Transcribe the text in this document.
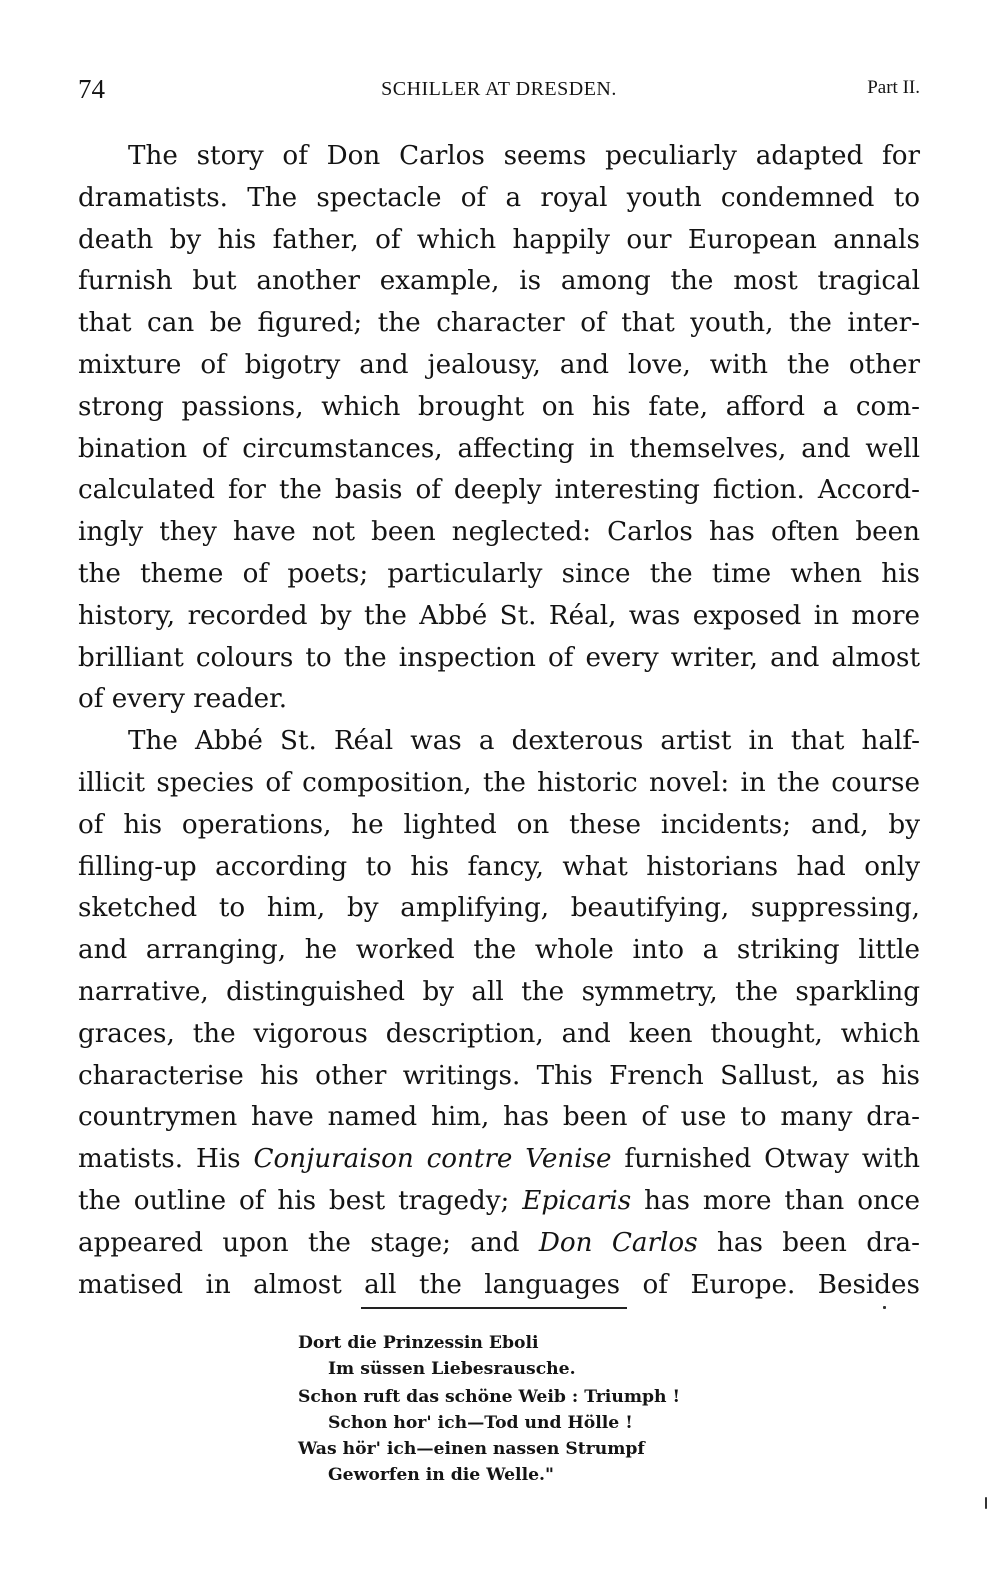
74	SCHILLER AT DRESDEN.	Part II.

The story of Don Carlos seems peculiarly adapted for
dramatists. The spectacle of a royal youth condemned to
death by his father, of which happily our European annals
furnish but another example, is among the most tragical
that can be figured; the character of that youth, the inter-
mixture of bigotry and jealousy, and love, with the other
strong passions, which brought on his fate, afford a com-
bination of circumstances, affecting in themselves, and well
calculated for the basis of deeply interesting fiction. Accord-
ingly they have not been neglected: Carlos has often been
the theme of poets; particularly since the time when his
history, recorded by the Abbé St. Réal, was exposed in more
brilliant colours to the inspection of every writer, and almost
of every reader.

The Abbé St. Réal was a dexterous artist in that half-
illicit species of composition, the historic novel: in the course
of his operations, he lighted on these incidents; and, by
filling-up according to his fancy, what historians had only
sketched to him, by amplifying, beautifying, suppressing,
and arranging, he worked the whole into a striking little
narrative, distinguished by all the symmetry, the sparkling
graces, the vigorous description, and keen thought, which
characterise his other writings. This French Sallust, as his
countrymen have named him, has been of use to many dra-
matists. His Conjuraison contre Venise furnished Otway with
the outline of his best tragedy; Epicaris has more than once
appeared upon the stage; and Don Carlos has been dra-
matised in almost all the languages of Europe. Besides

Dort die Prinzessin Eboli
Im süssen Liebesrausche.
Schon ruft das schöne Weib : Triumph !
Schon hor' ich—Tod und Hölle !
Was hör' ich—einen nassen Strumpf
Geworfen in die Welle."
